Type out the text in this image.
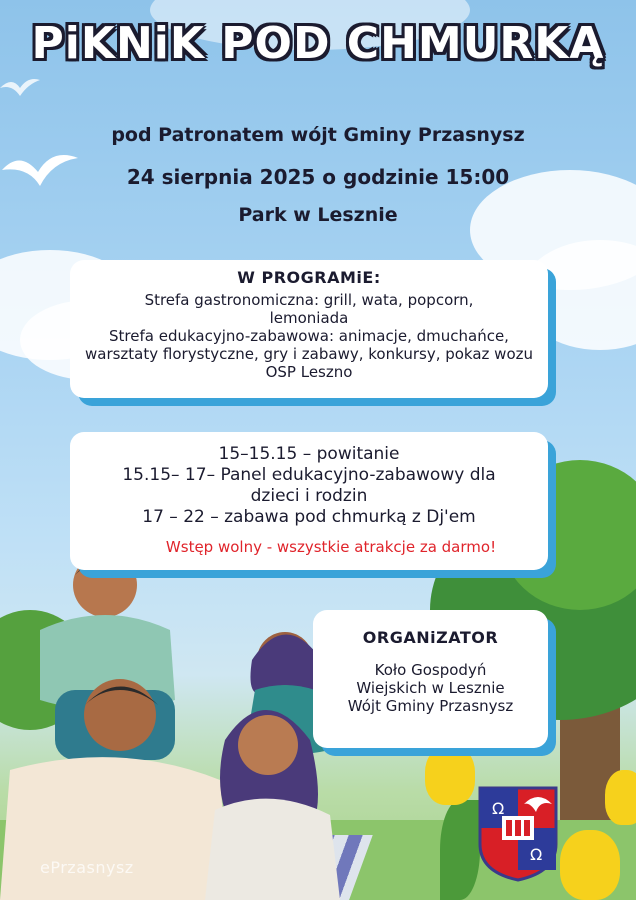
Ω
Ω
ePrzasnysz
PiKNiK POD CHMURKĄ
pod Patronatem wójt Gminy Przasnysz
24 sierpnia 2025 o godzinie 15:00
Park w Lesznie

W PROGRAMiE:

Strefa gastronomiczna: grill, wata, popcorn, lemoniada

Strefa edukacyjno-zabawowa: animacje, dmuchańce, warsztaty florystyczne, gry i zabawy, konkursy, pokaz wozu OSP Leszno

15–15.15 – powitanie

15.15– 17– Panel edukacyjno-zabawowy dla dzieci i rodzin

17 – 22 – zabawa pod chmurką z Dj'em

Wstęp wolny - wszystkie atrakcje za darmo!

ORGANiZATOR

Koło Gospodyń Wiejskich w Lesznie

Wójt Gminy Przasnysz
